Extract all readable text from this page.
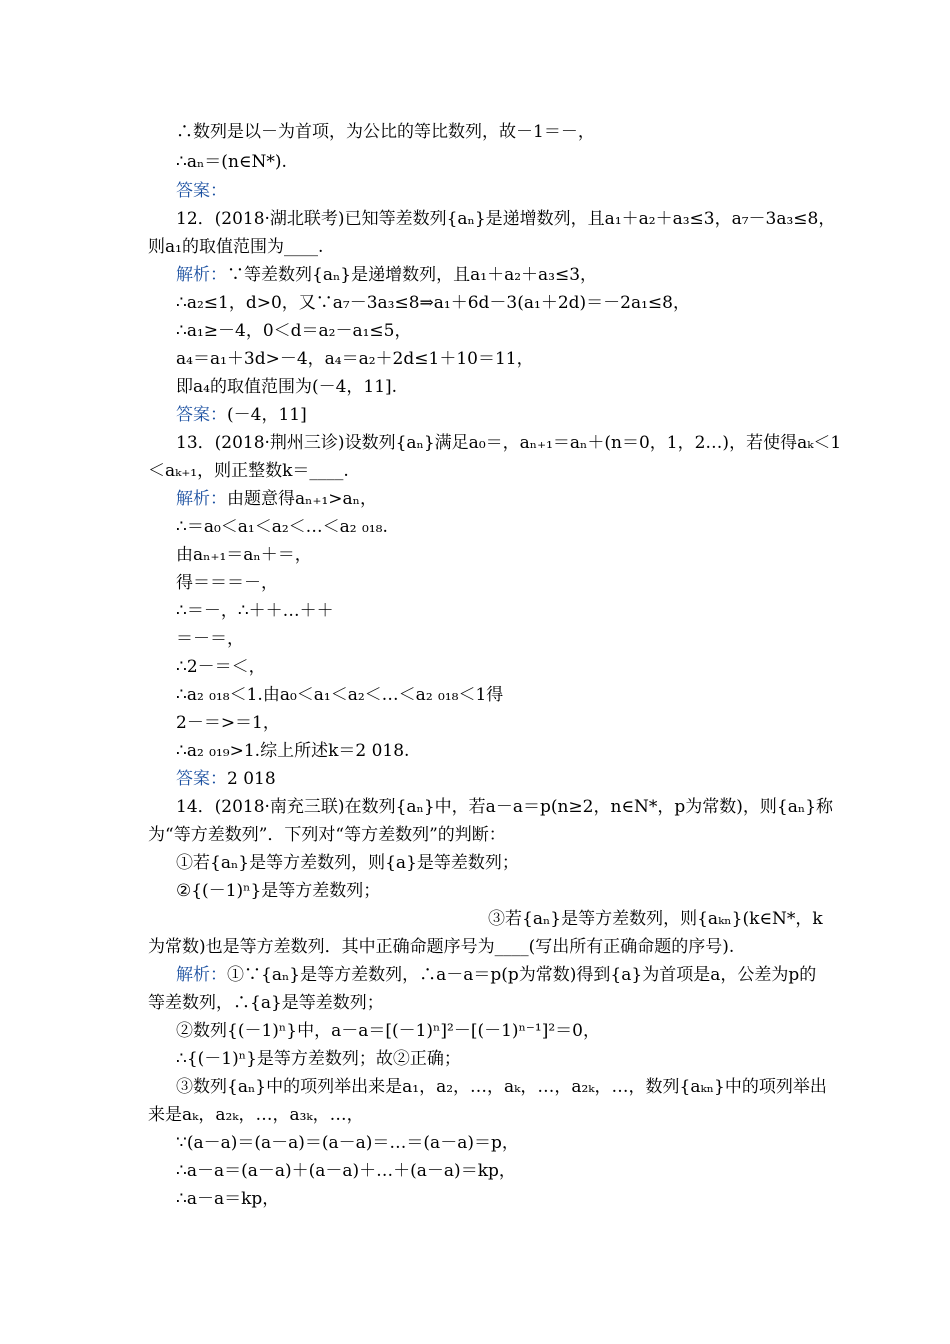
∴数列是以－为首项，为公比的等比数列，故－1＝－，
∴aₙ＝(n∈N*).
答案：
12．(2018·湖北联考)已知等差数列{aₙ}是递增数列，且a₁＋a₂＋a₃≤3，a₇－3a₃≤8，
则a₁的取值范围为____.
解析：∵等差数列{aₙ}是递增数列，且a₁＋a₂＋a₃≤3，
∴a₂≤1，d>0，又∵a₇－3a₃≤8⇒a₁＋6d－3(a₁＋2d)＝－2a₁≤8，
∴a₁≥－4，0＜d＝a₂－a₁≤5，
a₄＝a₁＋3d>－4，a₄＝a₂＋2d≤1＋10＝11，
即a₄的取值范围为(－4，11].
答案：(－4，11]
13．(2018·荆州三诊)设数列{aₙ}满足a₀＝，aₙ₊₁＝aₙ＋(n＝0，1，2…)，若使得aₖ＜1
＜aₖ₊₁，则正整数k＝____.
解析：由题意得aₙ₊₁>aₙ，
∴＝a₀＜a₁＜a₂＜…＜a₂ ₀₁₈.
由aₙ₊₁＝aₙ＋＝，
得＝＝＝－，
∴＝－，∴＋＋…＋＋
＝－＝，
∴2－＝＜，
∴a₂ ₀₁₈＜1.由a₀＜a₁＜a₂＜…＜a₂ ₀₁₈＜1得
2－＝>＝1，
∴a₂ ₀₁₉>1.综上所述k＝2 018.
答案：2 018
14．(2018·南充三联)在数列{aₙ}中，若a－a＝p(n≥2，n∈N*，p为常数)，则{aₙ}称
为“等方差数列”．下列对“等方差数列”的判断：
①若{aₙ}是等方差数列，则{a}是等差数列；
②{(－1)ⁿ}是等方差数列；
③若{aₙ}是等方差数列，则{aₖₙ}(k∈N*，k
为常数)也是等方差数列．其中正确命题序号为____(写出所有正确命题的序号).
解析：①∵{aₙ}是等方差数列，∴a－a＝p(p为常数)得到{a}为首项是a，公差为p的
等差数列，∴{a}是等差数列；
②数列{(－1)ⁿ}中，a－a＝[(－1)ⁿ]²－[(－1)ⁿ⁻¹]²＝0，
∴{(－1)ⁿ}是等方差数列；故②正确；
③数列{aₙ}中的项列举出来是a₁，a₂，…，aₖ，…，a₂ₖ，…，数列{aₖₙ}中的项列举出
来是aₖ，a₂ₖ，…，a₃ₖ，…，
∵(a－a)＝(a－a)＝(a－a)＝…＝(a－a)＝p，
∴a－a＝(a－a)＋(a－a)＋…＋(a－a)＝kp，
∴a－a＝kp，
